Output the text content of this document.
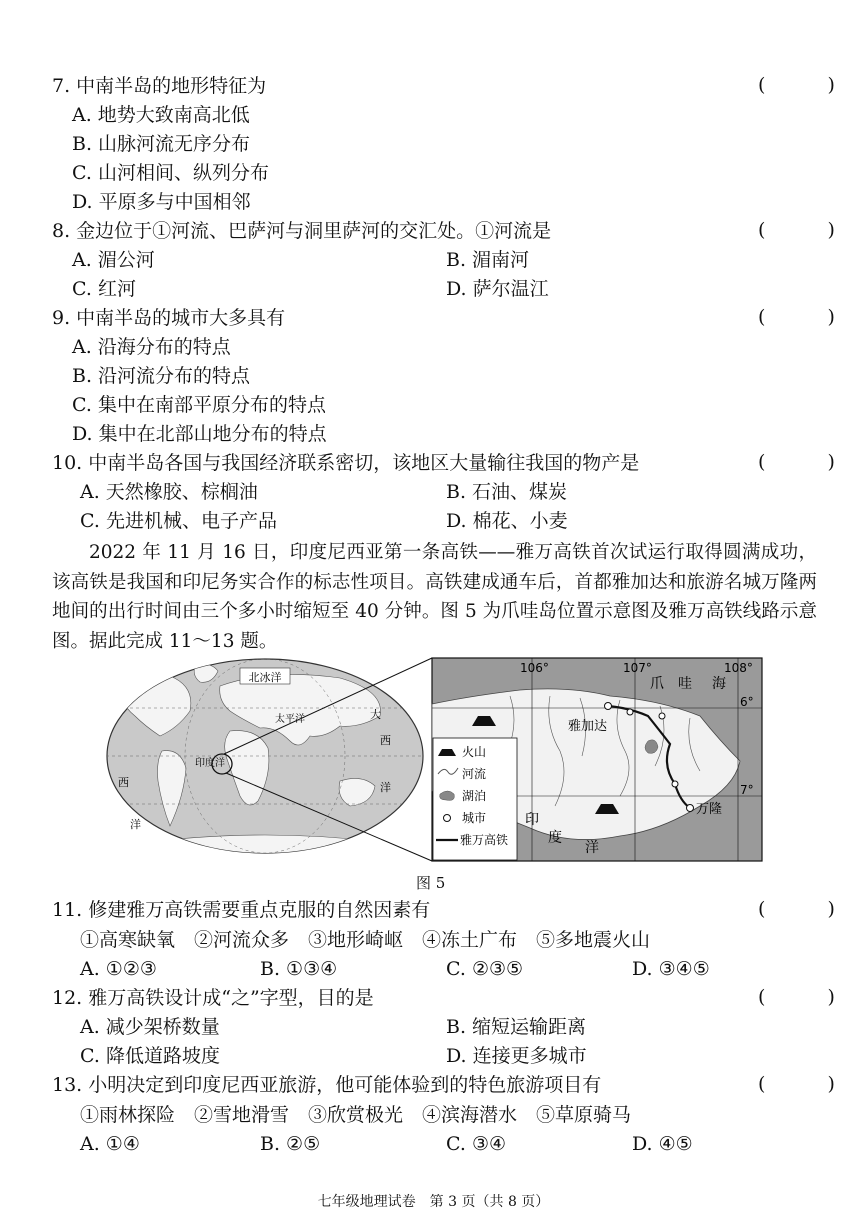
7. 中南半岛的地形特征为	( )
A. 地势大致南高北低
B. 山脉河流无序分布
C. 山河相间、纵列分布
D. 平原多与中国相邻
8. 金边位于①河流、巴萨河与洞里萨河的交汇处。①河流是	( )
A. 湄公河	B. 湄南河
C. 红河	D. 萨尔温江
9. 中南半岛的城市大多具有	( )
A. 沿海分布的特点
B. 沿河流分布的特点
C. 集中在南部平原分布的特点
D. 集中在北部山地分布的特点
10. 中南半岛各国与我国经济联系密切，该地区大量输往我国的物产是	( )
A. 天然橡胶、棕榈油	B. 石油、煤炭
C. 先进机械、电子产品	D. 棉花、小麦
2022 年 11 月 16 日，印度尼西亚第一条高铁——雅万高铁首次试运行取得圆满成功，该高铁是我国和印尼务实合作的标志性项目。高铁建成通车后，首都雅加达和旅游名城万隆两地间的出行时间由三个多小时缩短至 40 分钟。图 5 为爪哇岛位置示意图及雅万高铁线路示意图。据此完成 11～13 题。
北冰洋
太平洋
印度洋
大
西
洋
西
洋
106°	107°	108°
6°
7°
爪 哇 海
雅加达
万隆
印
度
洋
火山
河流
湖泊
城市
雅万高铁
图 5
11. 修建雅万高铁需要重点克服的自然因素有	( )
①高寒缺氧　②河流众多　③地形崎岖　④冻土广布　⑤多地震火山
A. ①②③	B. ①③④	C. ②③⑤	D. ③④⑤
12. 雅万高铁设计成“之”字型，目的是	( )
A. 减少架桥数量	B. 缩短运输距离
C. 降低道路坡度	D. 连接更多城市
13. 小明决定到印度尼西亚旅游，他可能体验到的特色旅游项目有	( )
①雨林探险　②雪地滑雪　③欣赏极光　④滨海潜水　⑤草原骑马
A. ①④	B. ②⑤	C. ③④	D. ④⑤
七年级地理试卷　第 3 页（共 8 页）
